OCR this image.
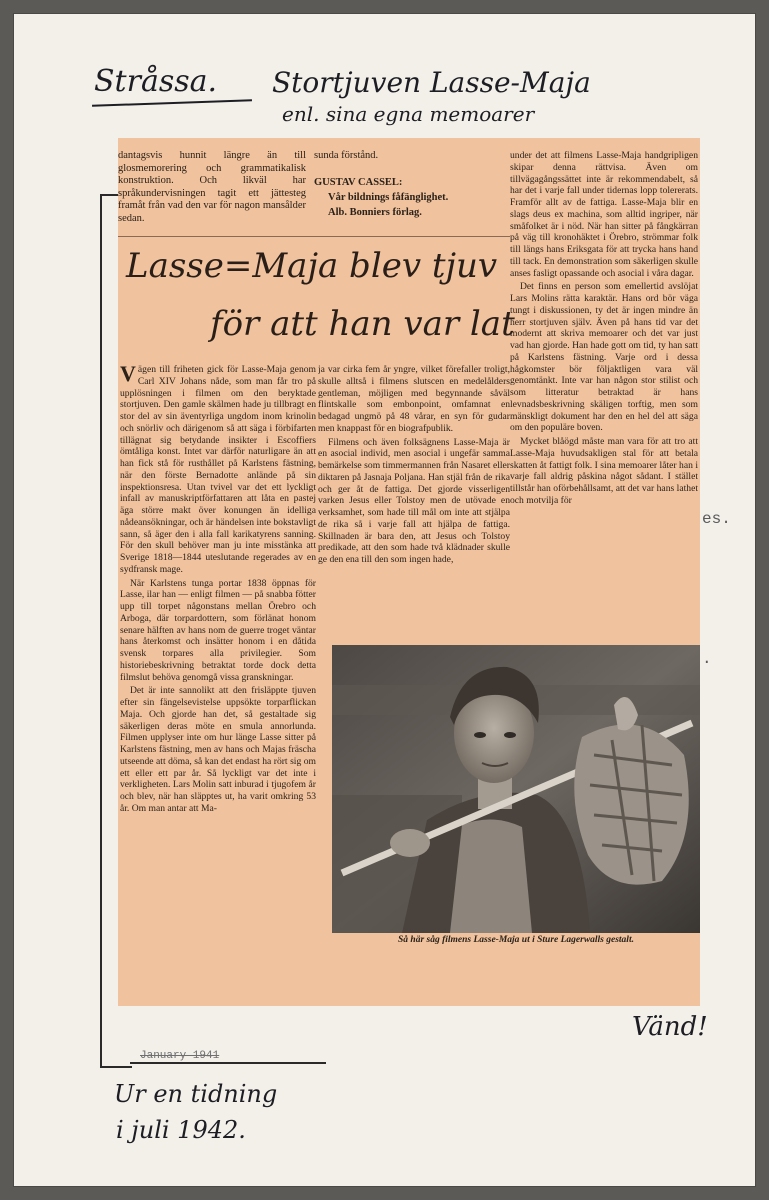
Stråssa. Stortjuven Lasse-Maja
enl. sina egna memoarer
January 1941
es.
.

dantagsvis hunnit längre än till glosmemorering och grammatikalisk konstruktion. Och likväl har språkundervisningen tagit ett jättesteg framåt från vad den var för nagon mansålder sedan.

sunda förstånd.

GUSTAV CASSEL:

Vår bildnings fåfänglighet.

Alb. Bonniers förlag.

Lasse=Maja blev tjuv
för att han var lat

Vägen till friheten gick för Lasse-Maja genom Carl XIV Johans nåde, som man får tro på upplösningen i filmen om den beryktade stortjuven. Den gamle skälmen hade ju tillbragt en stor del av sin äventyrliga ungdom inom krinolin och snörliv och därigenom så att säga i förbifarten tillägnat sig betydande insikter i Escoffiers ömtåliga konst. Intet var därför naturligare än att han fick stå för rusthållet på Karlstens fästning, när den förste Bernadotte anlände på sin inspektionsresa. Utan tvivel var det ett lyckligt infall av manuskriptförfattaren att låta en pastej äga större makt över konungen än idelliga nådeansökningar, och är händelsen inte bokstavligt sann, så äger den i alla fall karikatyrens sanning. För den skull behöver man ju inte misstänka att Sverige 1818—1844 uteslutande regerades av en sydfransk mage.

När Karlstens tunga portar 1838 öppnas för Lasse, ilar han — enligt filmen — på snabba fötter upp till torpet någonstans mellan Örebro och Arboga, där torpardottern, som förlänat honom senare hälften av hans nom de guerre troget väntar hans återkomst och insätter honom i en dåtida svensk torpares alla privilegier. Som historiebeskrivning betraktat torde dock detta filmslut behöva genomgå vissa granskningar.

Det är inte sannolikt att den frisläppte tjuven efter sin fängelsevistelse uppsökte torparflickan Maja. Och gjorde han det, så gestaltade sig säkerligen deras möte en smula annorlunda. Filmen upplyser inte om hur länge Lasse sitter på Karlstens fästning, men av hans och Majas fräscha utseende att döma, så kan det endast ha rört sig om ett eller ett par år. Så lyckligt var det inte i verkligheten. Lars Molin satt inburad i tjugofem år och blev, när han släpptes ut, ha varit omkring 53 år. Om man antar att Ma-

ja var cirka fem år yngre, vilket förefaller troligt, skulle alltså i filmens slutscen en medelålders gentleman, möjligen med begynnande såväl flintskalle som embonpoint, omfamnat en bedagad ungmö på 48 vårar, en syn för gudar men knappast för en biografpublik.

Filmens och även folksägnens Lasse-Maja är en asocial individ, men asocial i ungefär samma bemärkelse som timmermannen från Nasaret eller diktaren på Jasnaja Poljana. Han stjäl från de rika och ger åt de fattiga. Det gjorde visserligen varken Jesus eller Tolstoy men de utövade en verksamhet, som hade till mål om inte att stjälpa de rika så i varje fall att hjälpa de fattiga. Skillnaden är bara den, att Jesus och Tolstoy predikade, att den som hade två klädnader skulle ge den ena till den som ingen hade,

under det att filmens Lasse-Maja handgripligen skipar denna rättvisa. Även om tillvägagångssättet inte är rekommendabelt, så har det i varje fall under tidernas lopp tolererats. Framför allt av de fattiga. Lasse-Maja blir en slags deus ex machina, som alltid ingriper, när småfolket är i nöd. När han sitter på fångkärran på väg till kronohäktet i Örebro, strömmar folk till längs hans Eriksgata för att trycka hans hand till tack. En demonstration som säkerligen skulle anses fasligt opassande och asocial i våra dagar.

Det finns en person som emellertid avslöjat Lars Molins rätta karaktär. Hans ord bör väga tungt i diskussionen, ty det är ingen mindre än herr stortjuven själv. Även på hans tid var det modernt att skriva memoarer och det var just vad han gjorde. Han hade gott om tid, ty han satt på Karlstens fästning. Varje ord i dessa hågkomster bör följaktligen vara väl genomtänkt. Inte var han någon stor stilist och som litteratur betraktad är hans levnadsbeskrivning skäligen torftig, men som mänskligt dokument har den en hel del att säga om den populäre boven.

Mycket blåögd måste man vara för att tro att Lasse-Maja huvudsakligen stal för att betala skatten åt fattigt folk. I sina memoarer låter han i varje fall aldrig påskina något sådant. I stället tillstår han oförbehållsamt, att det var hans lathet och motvilja för

Så här såg filmens Lasse-Maja ut i Sture Lagerwalls gestalt.
Ur en tidning
i juli 1942.
Vänd!
